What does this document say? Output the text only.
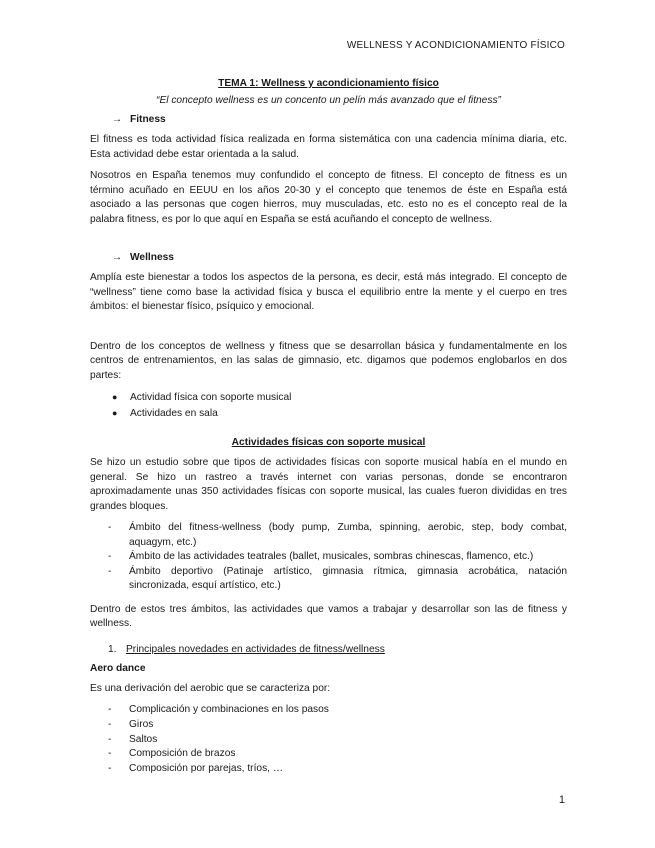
WELLNESS Y ACONDICIONAMIENTO FÍSICO
TEMA 1: Wellness y acondicionamiento físico
“El concepto wellness es un concento un pelín más avanzado que el fitness”
→ Fitness

El fitness es toda actividad física realizada en forma sistemática con una cadencia mínima diaria, etc. Esta actividad debe estar orientada a la salud.

Nosotros en España tenemos muy confundido el concepto de fitness. El concepto de fitness es un término acuñado en EEUU en los años 20-30 y el concepto que tenemos de éste en España está asociado a las personas que cogen hierros, muy musculadas, etc. esto no es el concepto real de la palabra fitness, es por lo que aquí en España se está acuñando el concepto de wellness.

→ Wellness

Amplía este bienestar a todos los aspectos de la persona, es decir, está más integrado. El concepto de “wellness” tiene como base la actividad física y busca el equilibrio entre la mente y el cuerpo en tres ámbitos: el bienestar físico, psíquico y emocional.

Dentro de los conceptos de wellness y fitness que se desarrollan básica y fundamentalmente en los centros de entrenamientos, en las salas de gimnasio, etc. digamos que podemos englobarlos en dos partes:

●	Actividad física con soporte musical
●	Actividades en sala
Actividades físicas con soporte musical

Se hizo un estudio sobre que tipos de actividades físicas con soporte musical había en el mundo en general. Se hizo un rastreo a través internet con varias personas, donde se encontraron aproximadamente unas 350 actividades físicas con soporte musical, las cuales fueron divididas en tres grandes bloques.

-	Ámbito del fitness-wellness (body pump, Zumba, spinning, aerobic, step, body combat, aquagym, etc.)
-	Ámbito de las actividades teatrales (ballet, musicales, sombras chinescas, flamenco, etc.)
-	Ámbito deportivo (Patinaje artístico, gimnasia rítmica, gimnasia acrobática, natación sincronizada, esquí artístico, etc.)

Dentro de estos tres ámbitos, las actividades que vamos a trabajar y desarrollar son las de fitness y wellness.

1. Principales novedades en actividades de fitness/wellness
Aero dance

Es una derivación del aerobic que se caracteriza por:

-	Complicación y combinaciones en los pasos
-	Giros
-	Saltos
-	Composición de brazos
-	Composición por parejas, tríos, …
1
